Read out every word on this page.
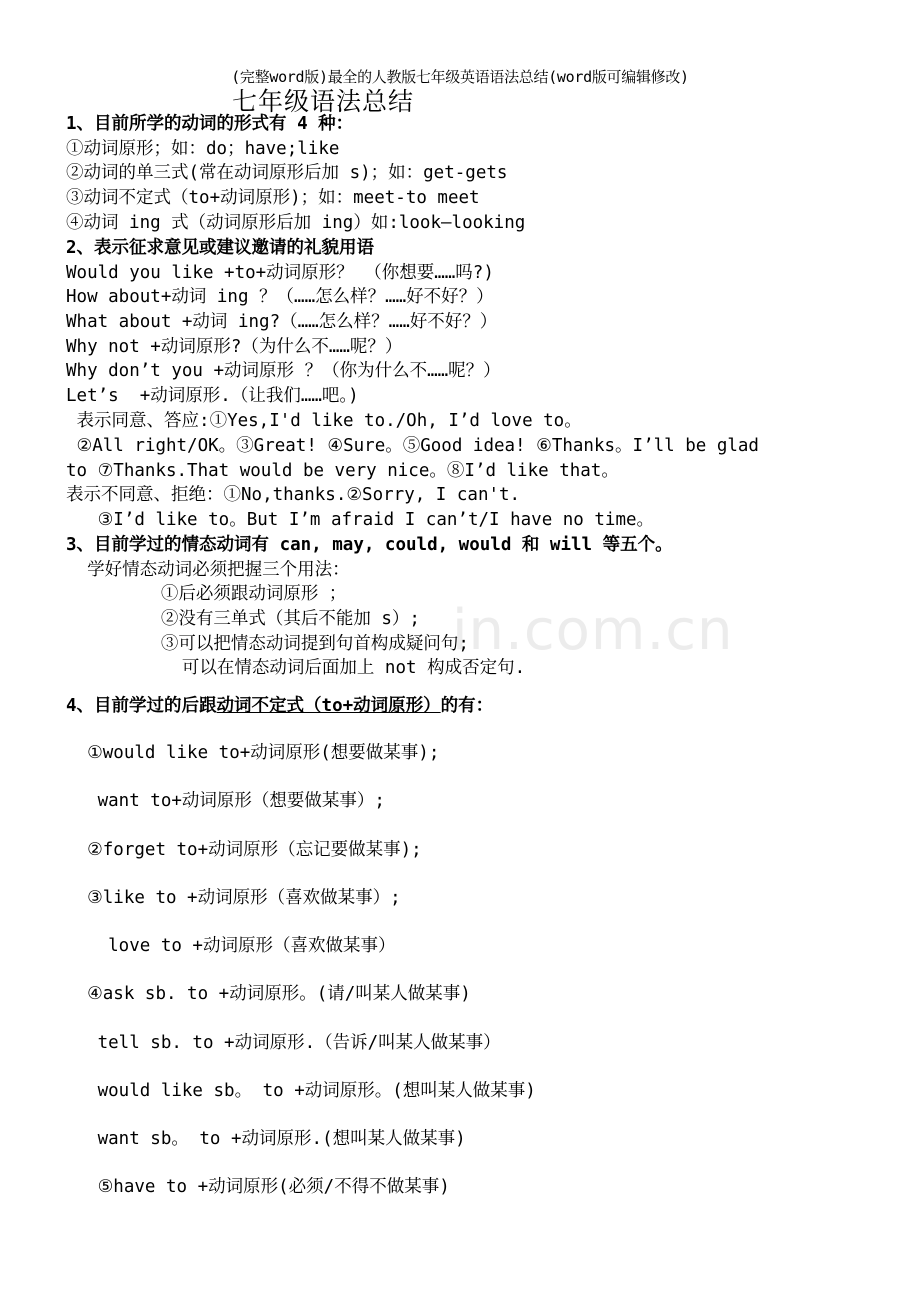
in.com.cn
(完整word版)最全的人教版七年级英语语法总结(word版可编辑修改)
七年级语法总结
1、目前所学的动词的形式有 4 种：
①动词原形；如：do；have;like
②动词的单三式(常在动词原形后加 s)；如：get-gets
③动词不定式（to+动词原形)；如：meet-to meet
④动词 ing 式（动词原形后加 ing）如:look—looking
2、表示征求意见或建议邀请的礼貌用语
Would you like +to+动词原形？ （你想要……吗?)
How about+动词 ing ？（……怎么样？……好不好？）
What about +动词 ing?（……怎么样？……好不好？）
Why not +动词原形?（为什么不……呢？）
Why don’t you +动词原形 ？（你为什么不……呢？）
Let’s  +动词原形.（让我们……吧。)
表示同意、答应:①Yes,I'd like to./Oh, I’d love to。
②All right/OK。③Great! ④Sure。⑤Good idea! ⑥Thanks。I’ll be glad
to ⑦Thanks.That would be very nice。⑧I’d like that。
表示不同意、拒绝：①No,thanks.②Sorry, I can't.
③I’d like to。But I’m afraid I can’t/I have no time。
3、目前学过的情态动词有 can, may, could, would 和 will 等五个。
学好情态动词必须把握三个用法：
①后必须跟动词原形 ；
②没有三单式（其后不能加 s）;
③可以把情态动词提到句首构成疑问句;
可以在情态动词后面加上 not 构成否定句.
4、目前学过的后跟动词不定式（to+动词原形）的有：
①would like to+动词原形(想要做某事);
want to+动词原形（想要做某事）;
②forget to+动词原形（忘记要做某事);
③like to +动词原形（喜欢做某事）;
love to +动词原形（喜欢做某事）
④ask sb. to +动词原形。(请/叫某人做某事)
tell sb. to +动词原形.（告诉/叫某人做某事）
would like sb。 to +动词原形。(想叫某人做某事)
want sb。 to +动词原形.(想叫某人做某事)
⑤have to +动词原形(必须/不得不做某事)
